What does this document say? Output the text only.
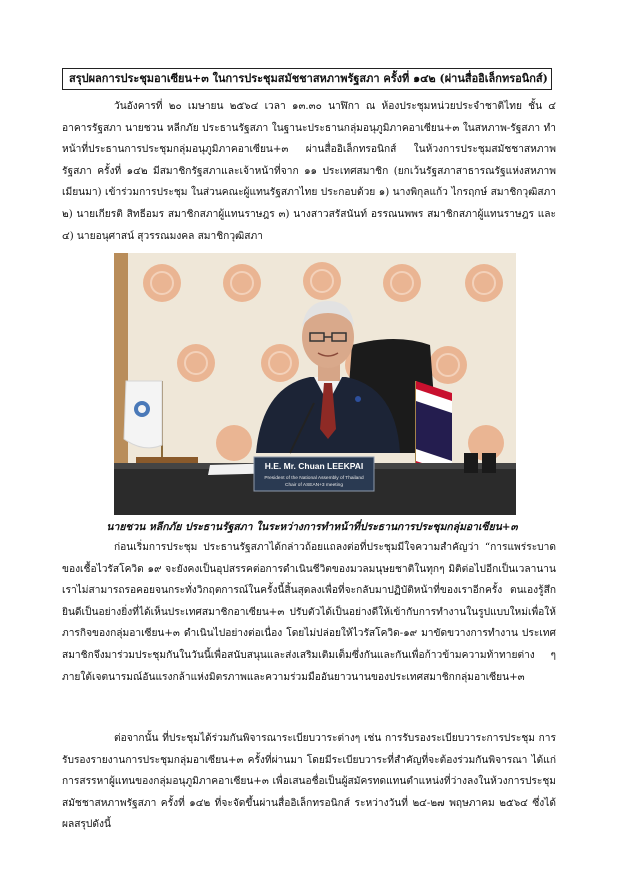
สรุปผลการประชุมอาเซียน+๓ ในการประชุมสมัชชาสหภาพรัฐสภา ครั้งที่ ๑๔๒ (ผ่านสื่ออิเล็กทรอนิกส์)

วันอังคารที่ ๒๐ เมษายน ๒๕๖๔ เวลา ๑๓.๓๐ นาฬิกา ณ ห้องประชุมหน่วยประจำชาติไทย ชั้น ๔ อาคารรัฐสภา นายชวน หลีกภัย ประธานรัฐสภา ในฐานะประธานกลุ่มอนุภูมิภาคอาเซียน+๓ ในสหภาพ-รัฐสภา ทำหน้าที่ประธานการประชุมกลุ่มอนุภูมิภาคอาเซียน+๓ ผ่านสื่ออิเล็กทรอนิกส์ ในห้วงการประชุมสมัชชาสหภาพรัฐสภา ครั้งที่ ๑๔๒ มีสมาชิกรัฐสภาและเจ้าหน้าที่จาก ๑๑ ประเทศสมาชิก (ยกเว้นรัฐสภาสาธารณรัฐแห่งสหภาพเมียนมา) เข้าร่วมการประชุม ในส่วนคณะผู้แทนรัฐสภาไทย ประกอบด้วย ๑) นางพิกุลแก้ว ไกรฤกษ์ สมาชิกวุฒิสภา ๒) นายเกียรติ สิทธีอมร สมาชิกสภาผู้แทนราษฎร ๓) นางสาวสรัสนันท์ อรรณนพพร สมาชิกสภาผู้แทนราษฎร และ ๔) นายอนุศาสน์ สุวรรณมงคล สมาชิกวุฒิสภา

H.E. Mr. Chuan LEEKPAI
President of the National Assembly of Thailand
Chair of ASEAN+3 meeting
นายชวน หลีกภัย ประธานรัฐสภา ในระหว่างการทำหน้าที่ประธานการประชุมกลุ่มอาเซียน+๓

ก่อนเริ่มการประชุม ประธานรัฐสภาได้กล่าวถ้อยแถลงต่อที่ประชุมมีใจความสำคัญว่า “การแพร่ระบาดของเชื้อไวรัสโควิด ๑๙ จะยังคงเป็นอุปสรรคต่อการดำเนินชีวิตของมวลมนุษยชาติในทุกๆ มิติต่อไปอีกเป็นเวลานาน เราไม่สามารถรอคอยจนกระทั่งวิกฤตการณ์ในครั้งนี้สิ้นสุดลงเพื่อที่จะกลับมาปฏิบัติหน้าที่ของเราอีกครั้ง ตนเองรู้สึกยินดีเป็นอย่างยิ่งที่ได้เห็นประเทศสมาชิกอาเซียน+๓ ปรับตัวได้เป็นอย่างดีให้เข้ากับการทำงานในรูปแบบใหม่เพื่อให้ภารกิจของกลุ่มอาเซียน+๓ ดำเนินไปอย่างต่อเนื่อง โดยไม่ปล่อยให้ไวรัสโควิด-๑๙ มาขัดขวางการทำงาน ประเทศสมาชิกจึงมาร่วมประชุมกันในวันนี้เพื่อสนับสนุนและส่งเสริมเติมเต็มซึ่งกันและกันเพื่อก้าวข้ามความท้าทายต่าง ๆ ภายใต้เจตนารมณ์อันแรงกล้าแห่งมิตรภาพและความร่วมมืออันยาวนานของประเทศสมาชิกกลุ่มอาเซียน+๓

ต่อจากนั้น ที่ประชุมได้ร่วมกันพิจารณาระเบียบวาระต่างๆ เช่น การรับรองระเบียบวาระการประชุม การรับรองรายงานการประชุมกลุ่มอาเซียน+๓ ครั้งที่ผ่านมา โดยมีระเบียบวาระที่สำคัญที่จะต้องร่วมกันพิจารณา ได้แก่ การสรรหาผู้แทนของกลุ่มอนุภูมิภาคอาเซียน+๓ เพื่อเสนอชื่อเป็นผู้สมัครทดแทนตำแหน่งที่ว่างลงในห้วงการประชุมสมัชชาสหภาพรัฐสภา ครั้งที่ ๑๔๒ ที่จะจัดขึ้นผ่านสื่ออิเล็กทรอนิกส์ ระหว่างวันที่ ๒๔-๒๗ พฤษภาคม ๒๕๖๔ ซึ่งได้ผลสรุปดังนี้
